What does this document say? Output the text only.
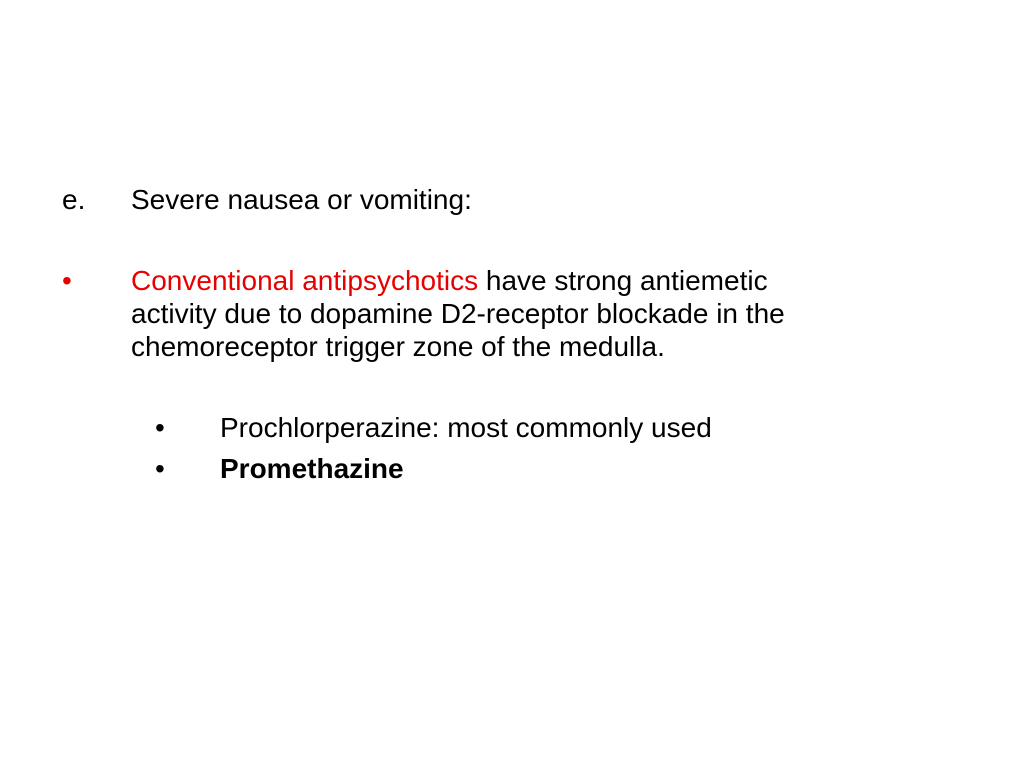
e. Severe nausea or vomiting:
• Conventional antipsychotics have strong antiemetic
activity due to dopamine D2-receptor blockade in the
chemoreceptor trigger zone of the medulla.
• Prochlorperazine: most commonly used
• Promethazine
